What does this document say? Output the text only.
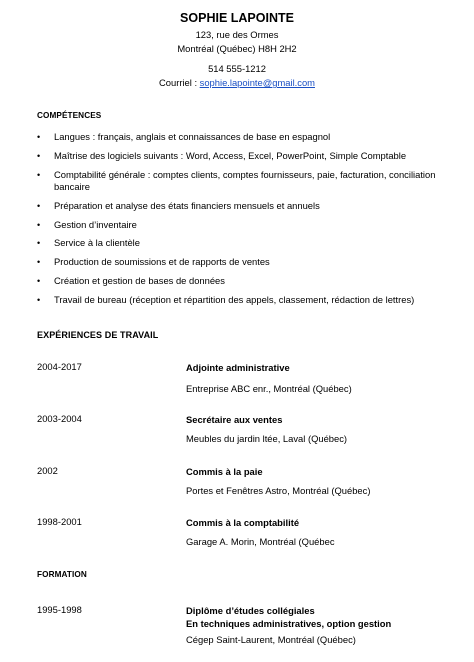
SOPHIE LAPOINTE
123, rue des Ormes
Montréal (Québec) H8H 2H2
514 555-1212
Courriel : sophie.lapointe@gmail.com
COMPÉTENCES
• Langues : français, anglais et connaissances de base en espagnol
• Maîtrise des logiciels suivants : Word, Access, Excel, PowerPoint, Simple Comptable
• Comptabilité générale : comptes clients, comptes fournisseurs, paie, facturation, conciliation bancaire
• Préparation et analyse des états financiers mensuels et annuels
• Gestion d’inventaire
• Service à la clientèle
• Production de soumissions et de rapports de ventes
• Création et gestion de bases de données
• Travail de bureau (réception et répartition des appels, classement, rédaction de lettres)
EXPÉRIENCES DE TRAVAIL
2004-2017	Adjointe administrative
Entreprise ABC enr., Montréal (Québec)
2003-2004	Secrétaire aux ventes
Meubles du jardin ltée, Laval (Québec)
2002	Commis à la paie
Portes et Fenêtres Astro, Montréal (Québec)
1998-2001	Commis à la comptabilité
Garage A. Morin, Montréal (Québec
FORMATION
1995-1998	Diplôme d’études collégiales
En techniques administratives, option gestion
Cégep Saint-Laurent, Montréal (Québec)
